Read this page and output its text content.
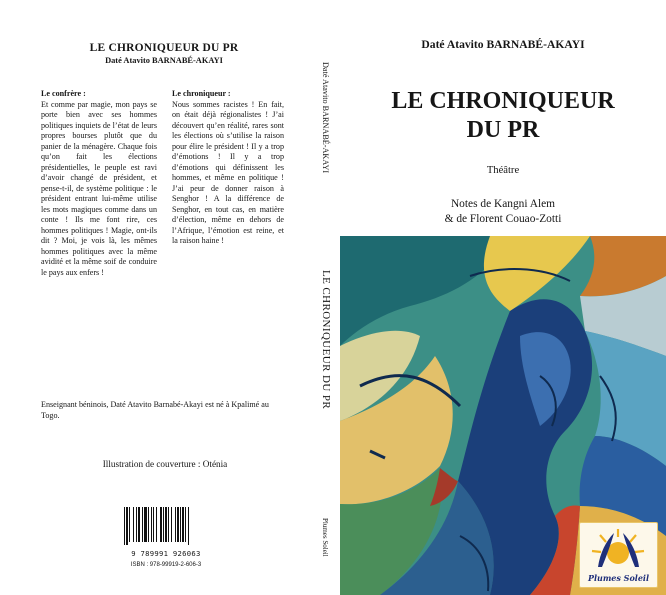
LE CHRONIQUEUR DU PR
Daté Atavito BARNABÉ-AKAYI
Le confrère :
Et comme par magie, mon pays se porte bien avec ses hommes politiques inquiets de l’état de leurs propres bourses plutôt que du panier de la ménagère. Chaque fois qu’on fait les élections présidentielles, le peuple est ravi d’avoir changé de président, et pense-t-il, de système politique : le président entrant lui-même utilise les mots magiques comme dans un conte ! Ils me font rire, ces hommes politiques ! Magie, ont-ils dit ? Moi, je vois là, les mêmes hommes politiques avec la même avidité et la même soif de conduire le pays aux enfers !
Le chroniqueur :
Nous sommes racistes ! En fait, on était déjà régionalistes ! J’ai découvert qu’en réalité, rares sont les élections où s’utilise la raison pour élire le président ! Il y a trop d’émotions ! Il y a trop d’émotions qui définissent les hommes, et même en politique ! J’ai peur de donner raison à Senghor ! A la différence de Senghor, en tout cas, en matière d’élection, même en dehors de l’Afrique, l’émotion est reine, et la raison haine !
Enseignant béninois, Daté Atavito Barnabé-Akayi est né à Kpalimé au Togo.
Illustration de couverture : Oténia
9 789991 926063
ISBN : 978-99919-2-606-3
Daté Atavito BARNABÉ-AKAYI
LE CHRONIQUEUR DU PR
Plumes Soleil
Daté Atavito BARNABÉ-AKAYI
LE CHRONIQUEUR
DU PR
Théâtre
Notes de Kangni Alem
& de Florent Couao-Zotti
Plumes Soleil
